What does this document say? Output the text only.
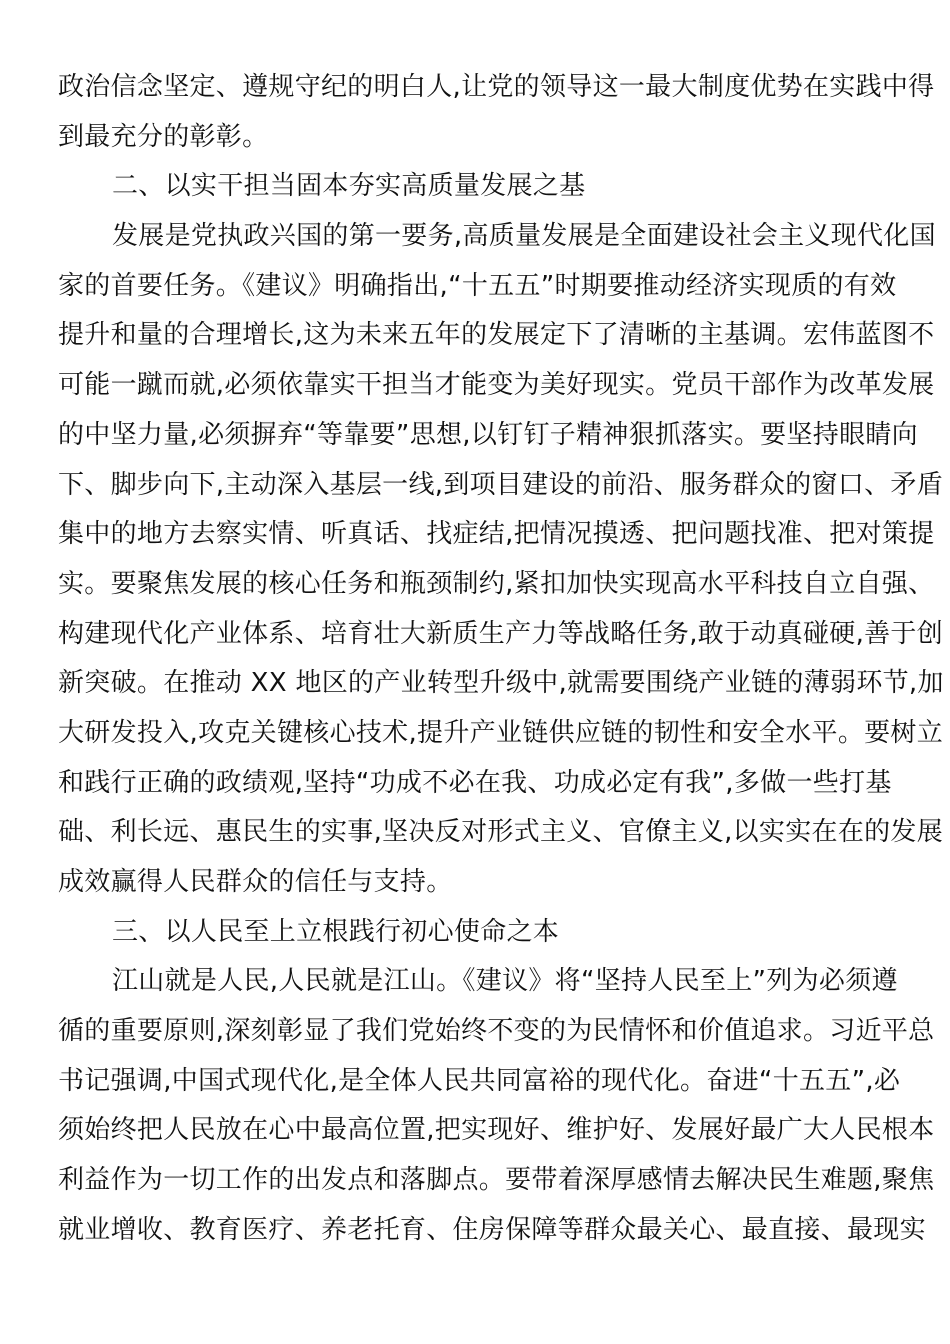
政治信念坚定、遵规守纪的明白人,让党的领导这一最大制度优势在实践中得
到最充分的彰彰。
二、以实干担当固本夯实高质量发展之基
发展是党执政兴国的第一要务,高质量发展是全面建设社会主义现代化国
家的首要任务。《建议》明确指出,“十五五”时期要推动经济实现质的有效
提升和量的合理增长,这为未来五年的发展定下了清晰的主基调。宏伟蓝图不
可能一蹴而就,必须依靠实干担当才能变为美好现实。党员干部作为改革发展
的中坚力量,必须摒弃“等靠要”思想,以钉钉子精神狠抓落实。要坚持眼睛向
下、脚步向下,主动深入基层一线,到项目建设的前沿、服务群众的窗口、矛盾
集中的地方去察实情、听真话、找症结,把情况摸透、把问题找准、把对策提
实。要聚焦发展的核心任务和瓶颈制约,紧扣加快实现高水平科技自立自强、
构建现代化产业体系、培育壮大新质生产力等战略任务,敢于动真碰硬,善于创
新突破。在推动 XX 地区的产业转型升级中,就需要围绕产业链的薄弱环节,加
大研发投入,攻克关键核心技术,提升产业链供应链的韧性和安全水平。要树立
和践行正确的政绩观,坚持“功成不必在我、功成必定有我”,多做一些打基
础、利长远、惠民生的实事,坚决反对形式主义、官僚主义,以实实在在的发展
成效赢得人民群众的信任与支持。
三、以人民至上立根践行初心使命之本
江山就是人民,人民就是江山。《建议》将“坚持人民至上”列为必须遵
循的重要原则,深刻彰显了我们党始终不变的为民情怀和价值追求。习近平总
书记强调,中国式现代化,是全体人民共同富裕的现代化。奋进“十五五”,必
须始终把人民放在心中最高位置,把实现好、维护好、发展好最广大人民根本
利益作为一切工作的出发点和落脚点。要带着深厚感情去解决民生难题,聚焦
就业增收、教育医疗、养老托育、住房保障等群众最关心、最直接、最现实
